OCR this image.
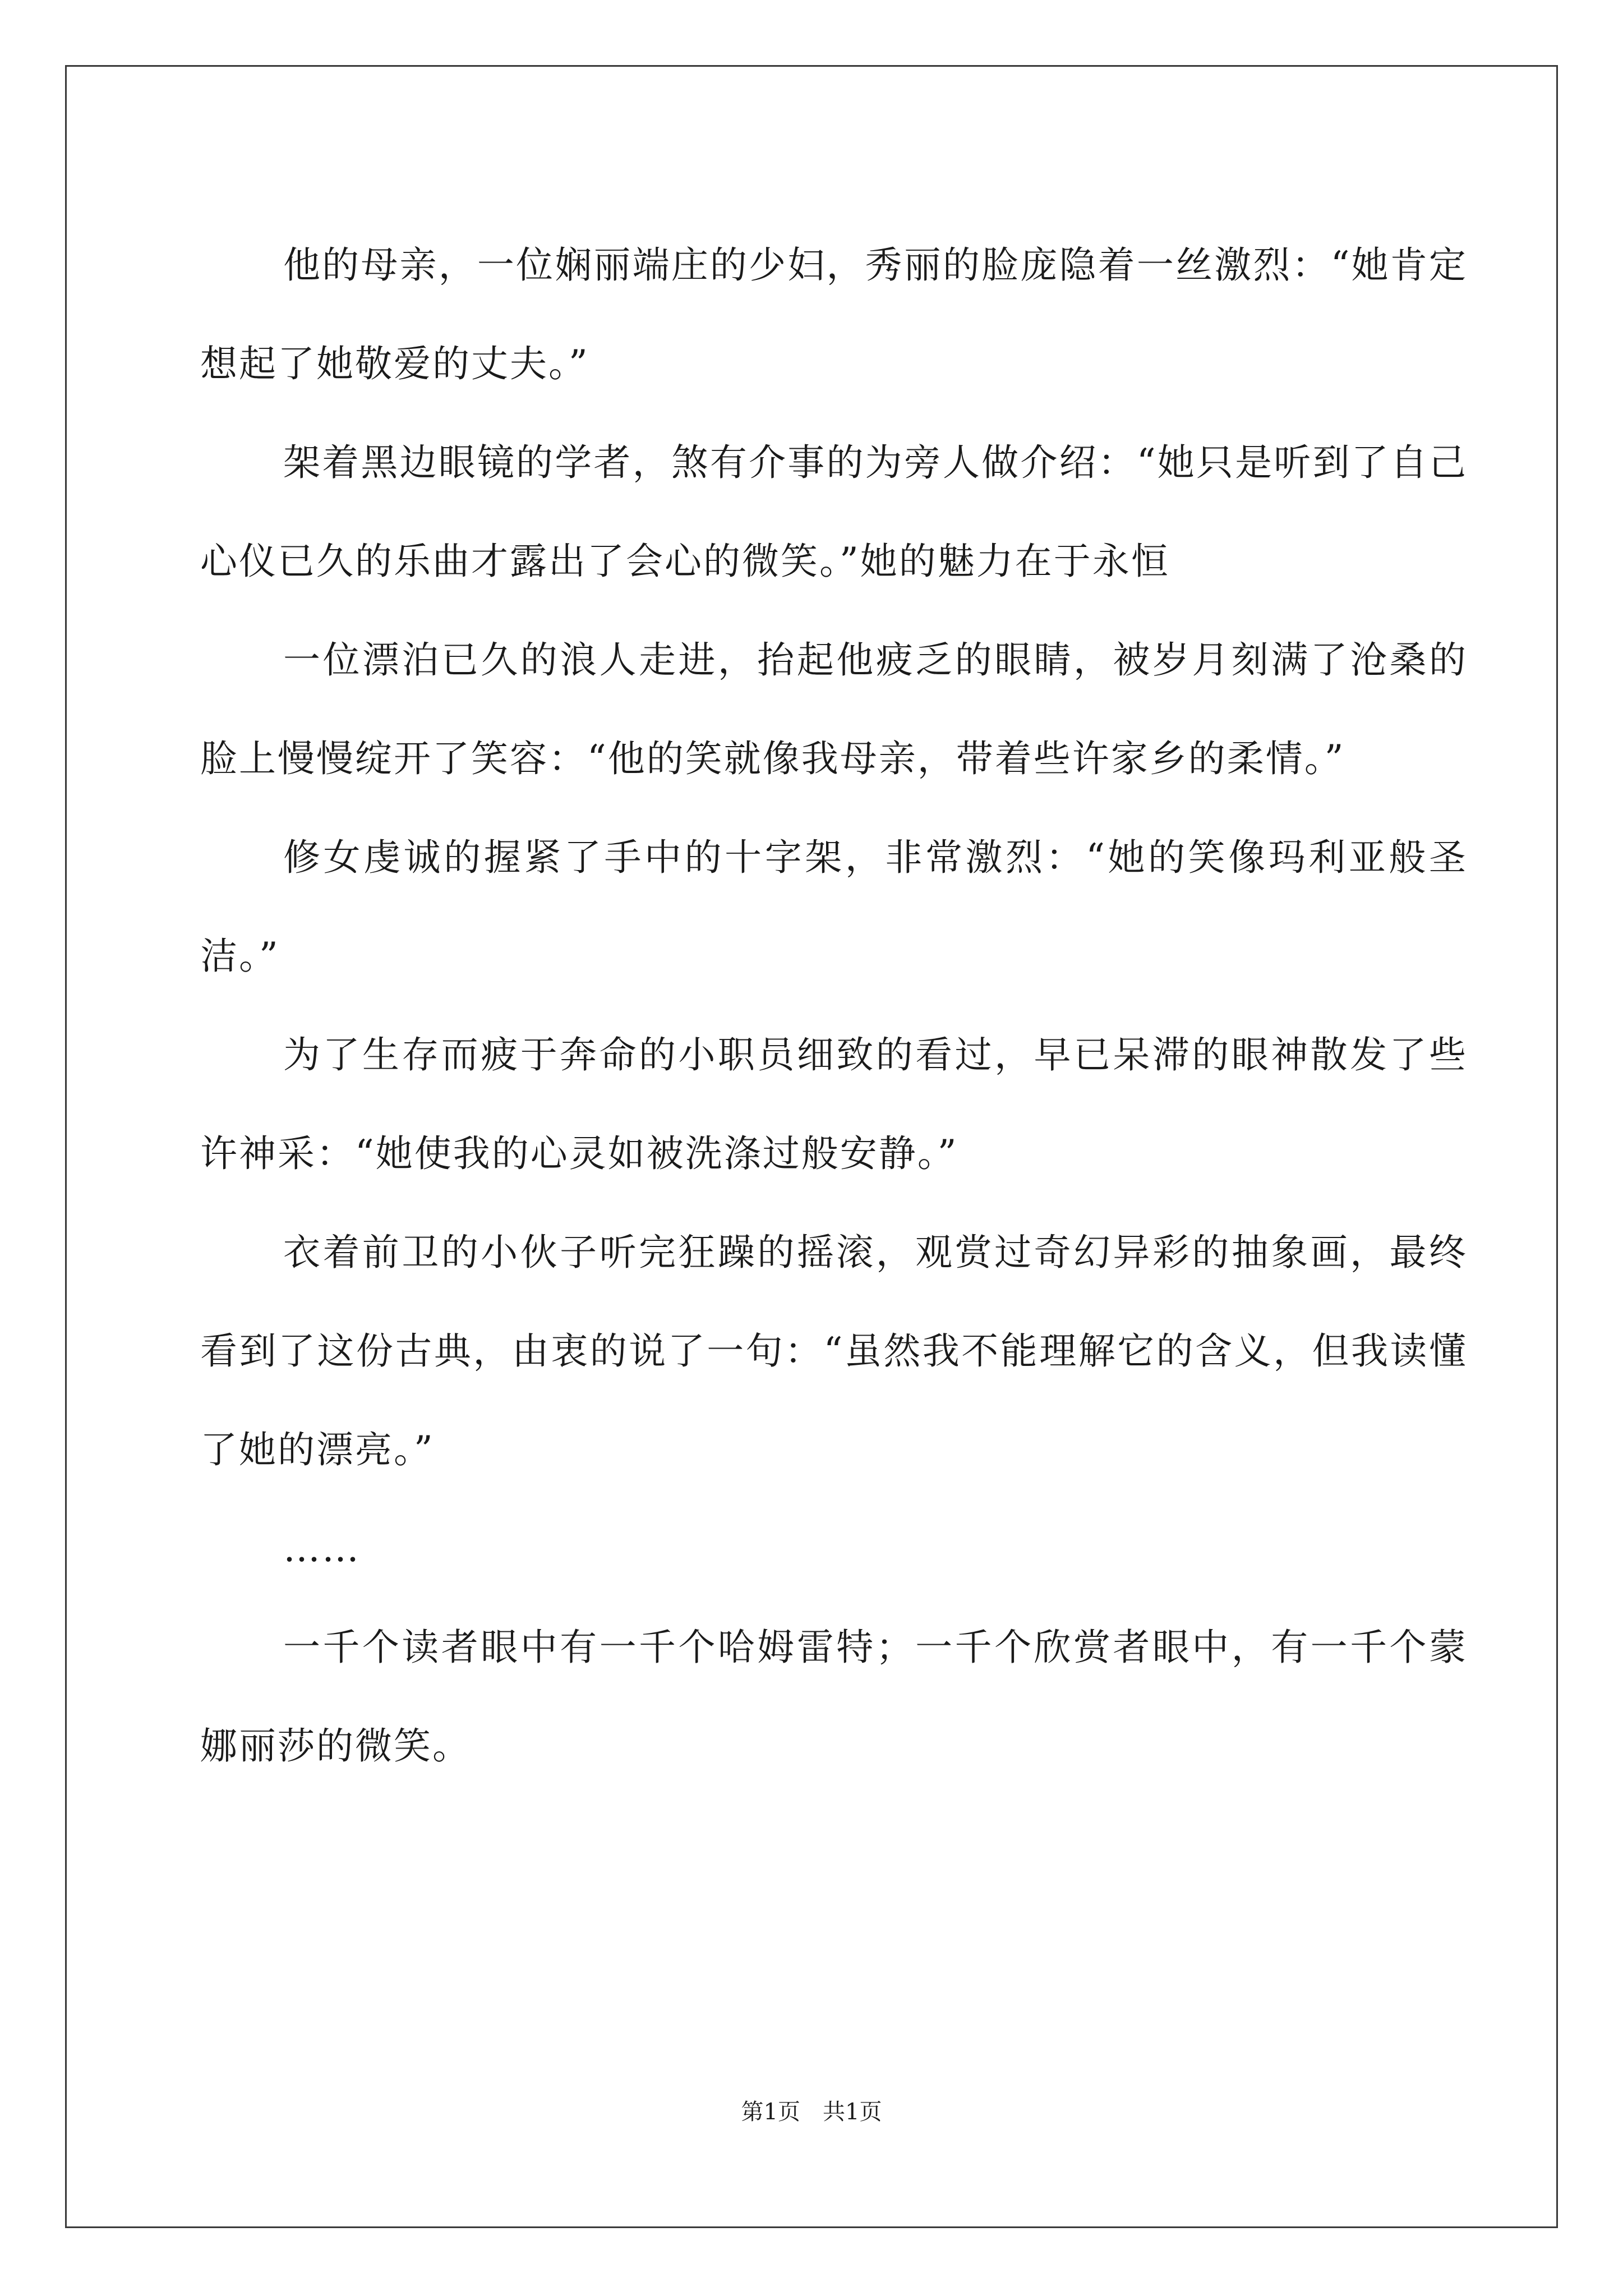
他的母亲，一位娴丽端庄的少妇，秀丽的脸庞隐着一丝激烈：“她肯定想起了她敬爱的丈夫。”

架着黑边眼镜的学者，煞有介事的为旁人做介绍：“她只是听到了自己心仪已久的乐曲才露出了会心的微笑。”她的魅力在于永恒

一位漂泊已久的浪人走进，抬起他疲乏的眼睛，被岁月刻满了沧桑的脸上慢慢绽开了笑容：“他的笑就像我母亲，带着些许家乡的柔情。”

修女虔诚的握紧了手中的十字架，非常激烈：“她的笑像玛利亚般圣洁。”

为了生存而疲于奔命的小职员细致的看过，早已呆滞的眼神散发了些许神采：“她使我的心灵如被洗涤过般安静。”

衣着前卫的小伙子听完狂躁的摇滚，观赏过奇幻异彩的抽象画，最终看到了这份古典，由衷的说了一句：“虽然我不能理解它的含义，但我读懂了她的漂亮。”

……

一千个读者眼中有一千个哈姆雷特；一千个欣赏者眼中，有一千个蒙娜丽莎的微笑。

第1页　共1页
